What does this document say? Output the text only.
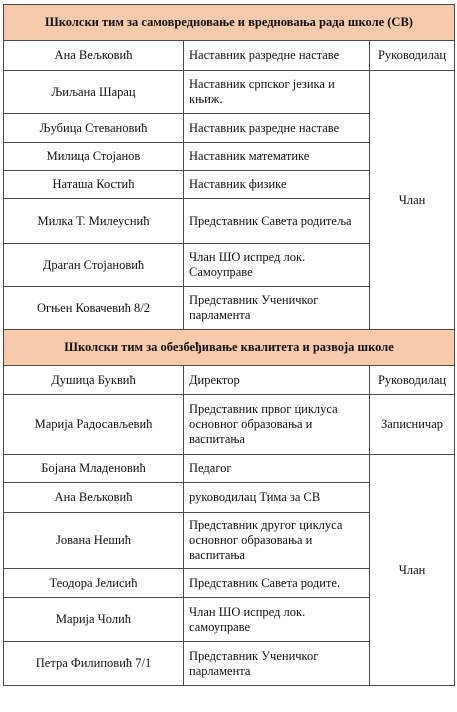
Школски тим за самовредновање и вредновања рада школе (СВ)		
Ана Вељковић	Наставник разредне наставе	Руководилац
Љиљана Шарац	Наставник српског језика и књиж.	Члан
Љубица Стевановић	Наставник разредне наставе	
Милица Стојанов	Наставник математике	
Наташа Костић	Наставник физике	
Милка Т. Милеуснић	Представник Савета родитеља	
Драган Стојановић	Члан ШО испред лок. Самоуправе	
Огњен Ковачевић 8/2	Представник Ученичког парламента	
Школски тим за обезбеђивање квалитета и развоја школе		
Душица Буквић	Директор	Руководилац
Марија Радосављевић	Представник првог циклуса основног образовања и васпитања	Записничар
Бојана Младеновић	Педагог	Члан
Ана Вељковић	руководилац Тима за СВ	
Јована Нешић	Представник другог циклуса основног образовања и васпитања	
Теодора Јелисић	Представник Савета родите.	
Марија Чолић	Члан ШО испред лок. самоуправе	
Петра Филиповић 7/1	Представник Ученичког парламента	
